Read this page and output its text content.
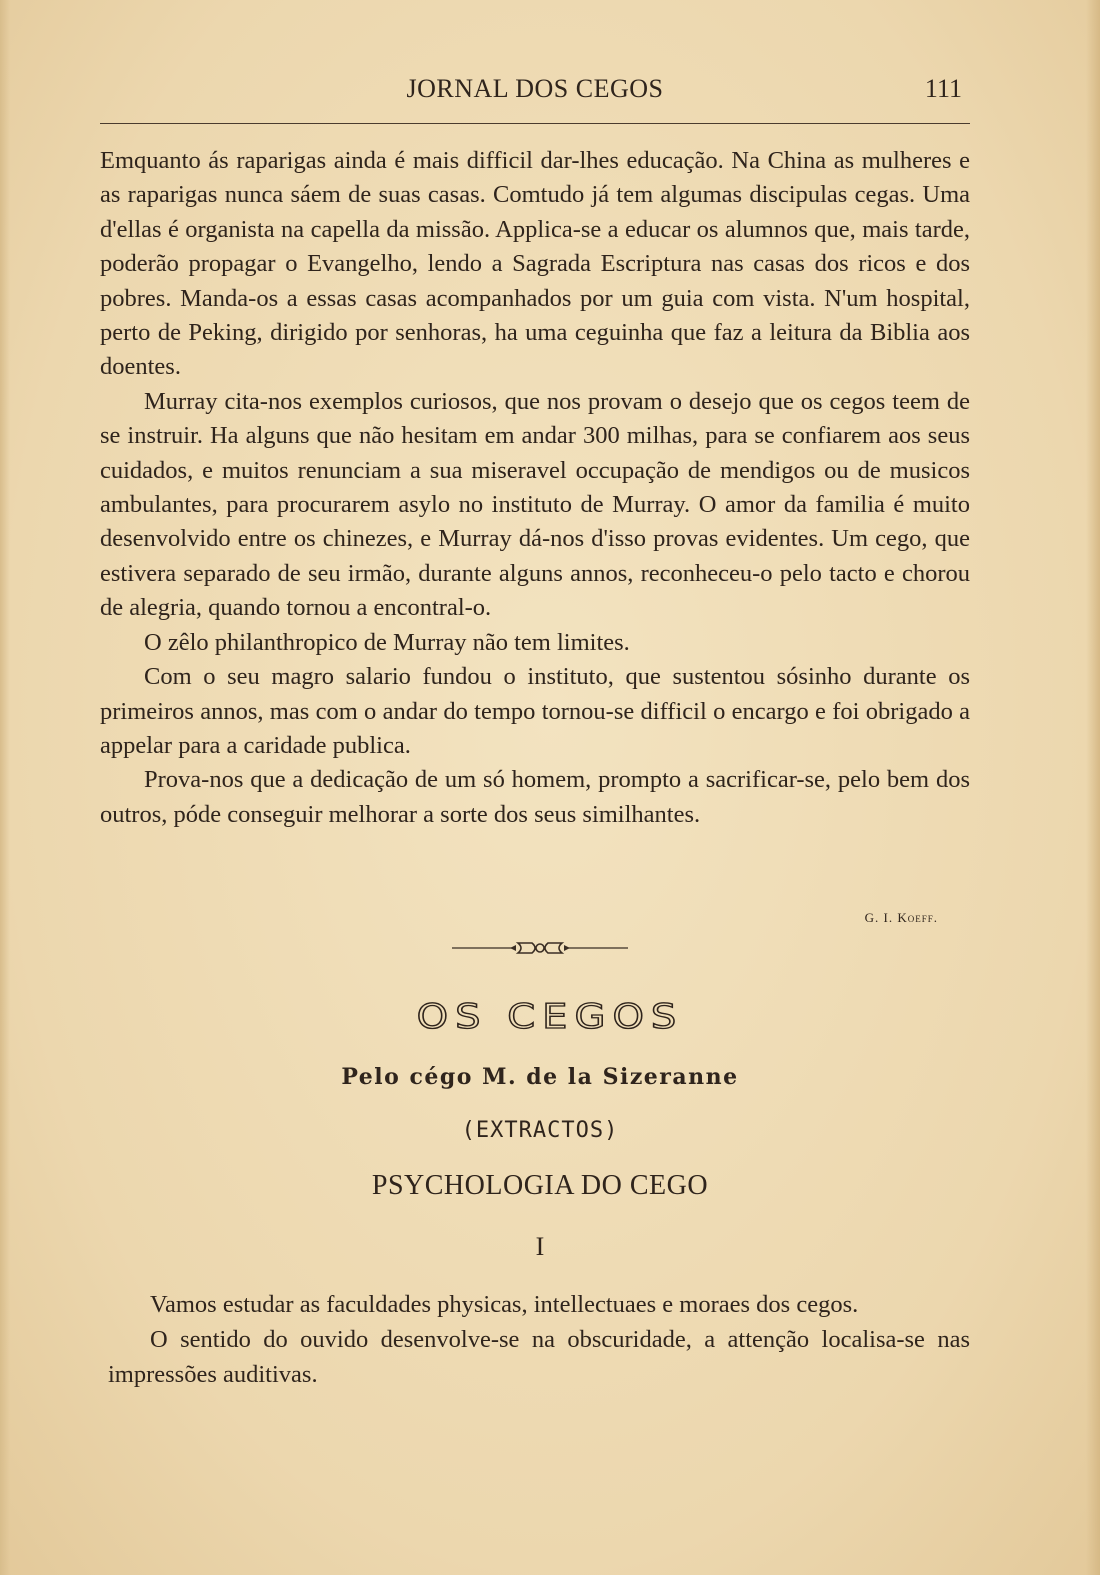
JORNAL DOS CEGOS	111

Emquanto ás raparigas ainda é mais difficil dar-lhes educação. Na China as mulheres e as raparigas nunca sáem de suas casas. Comtudo já tem algumas discipulas cegas. Uma d'ellas é organista na capella da missão. Applica-se a educar os alumnos que, mais tarde, poderão propagar o Evangelho, lendo a Sagrada Escriptura nas casas dos ricos e dos pobres. Manda-os a essas casas acompanhados por um guia com vista. N'um hospital, perto de Peking, dirigido por senhoras, ha uma ceguinha que faz a leitura da Biblia aos doentes.

Murray cita-nos exemplos curiosos, que nos provam o desejo que os cegos teem de se instruir. Ha alguns que não hesitam em andar 300 milhas, para se confiarem aos seus cuidados, e muitos renunciam a sua miseravel occupação de mendigos ou de musicos ambulantes, para procurarem asylo no instituto de Murray. O amor da familia é muito desenvolvido entre os chinezes, e Murray dá-nos d'isso provas evidentes. Um cego, que estivera separado de seu irmão, durante alguns annos, reconheceu-o pelo tacto e chorou de alegria, quando tornou a encontral-o.

O zêlo philanthropico de Murray não tem limites.

Com o seu magro salario fundou o instituto, que sustentou sósinho durante os primeiros annos, mas com o andar do tempo tornou-se difficil o encargo e foi obrigado a appelar para a caridade publica.

Prova-nos que a dedicação de um só homem, prompto a sacrificar-se, pelo bem dos outros, póde conseguir melhorar a sorte dos seus similhantes.

G. I. Koeff.
OS CEGOS
Pelo cégo M. de la Sizeranne
(EXTRACTOS)
PSYCHOLOGIA DO CEGO
I

Vamos estudar as faculdades physicas, intellectuaes e moraes dos cegos.

O sentido do ouvido desenvolve-se na obscuridade, a attenção localisa-se nas impressões auditivas.
